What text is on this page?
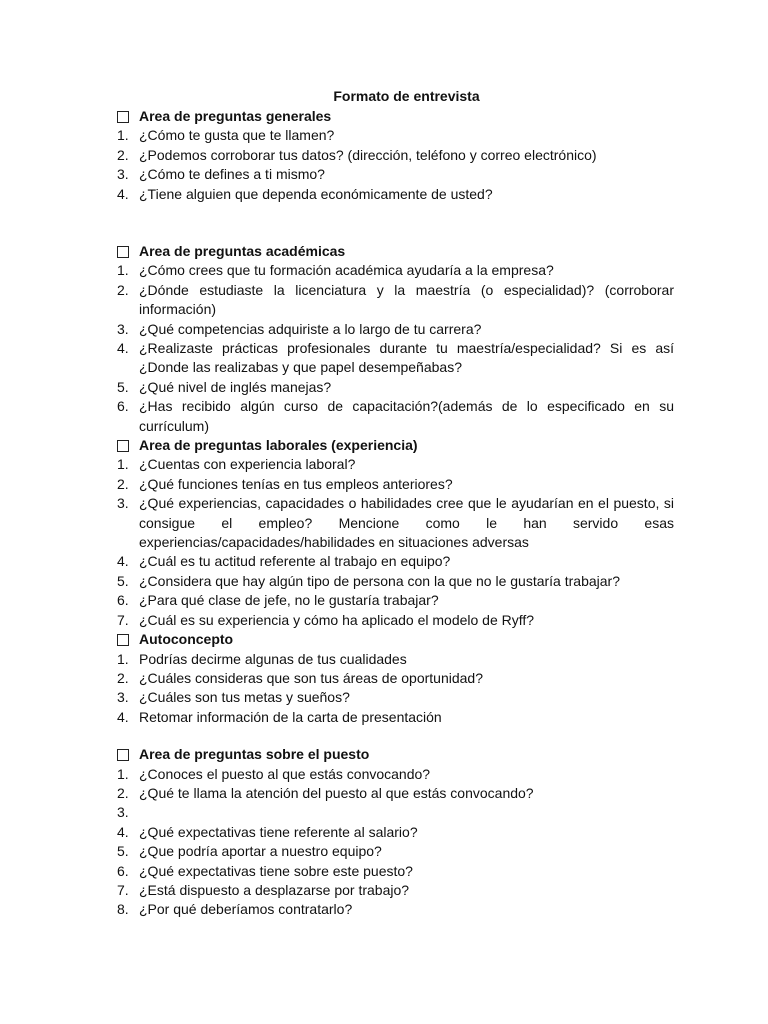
Formato de entrevista
Area de preguntas generales
1. ¿Cómo te gusta que te llamen?
2. ¿Podemos corroborar tus datos? (dirección, teléfono y correo electrónico)
3. ¿Cómo te defines a ti mismo?
4. ¿Tiene alguien que dependa económicamente de usted?
Area de preguntas académicas
1. ¿Cómo crees que tu formación académica ayudaría a la empresa?
2. ¿Dónde estudiaste la licenciatura y la maestría (o especialidad)? (corroborar información)
3. ¿Qué competencias adquiriste a lo largo de tu carrera?
4. ¿Realizaste prácticas profesionales durante tu maestría/especialidad? Si es así ¿Donde las realizabas y que papel desempeñabas?
5. ¿Qué nivel de inglés manejas?
6. ¿Has recibido algún curso de capacitación?(además de lo especificado en su currículum)
Area de preguntas laborales (experiencia)
1. ¿Cuentas con experiencia laboral?
2. ¿Qué funciones tenías en tus empleos anteriores?
3. ¿Qué experiencias, capacidades o habilidades cree que le ayudarían en el puesto, si consigue el empleo? Mencione como le han servido esas experiencias/capacidades/habilidades en situaciones adversas
4. ¿Cuál es tu actitud referente al trabajo en equipo?
5. ¿Considera que hay algún tipo de persona con la que no le gustaría trabajar?
6. ¿Para qué clase de jefe, no le gustaría trabajar?
7. ¿Cuál es su experiencia y cómo ha aplicado el modelo de Ryff?
Autoconcepto
1. Podrías decirme algunas de tus cualidades
2. ¿Cuáles consideras que son tus áreas de oportunidad?
3. ¿Cuáles son tus metas y sueños?
4. Retomar información de la carta de presentación
Area de preguntas sobre el puesto
1. ¿Conoces el puesto al que estás convocando?
2. ¿Qué te llama la atención del puesto al que estás convocando?
3.
4. ¿Qué expectativas tiene referente al salario?
5. ¿Que podría aportar a nuestro equipo?
6. ¿Qué expectativas tiene sobre este puesto?
7. ¿Está dispuesto a desplazarse por trabajo?
8. ¿Por qué deberíamos contratarlo?
